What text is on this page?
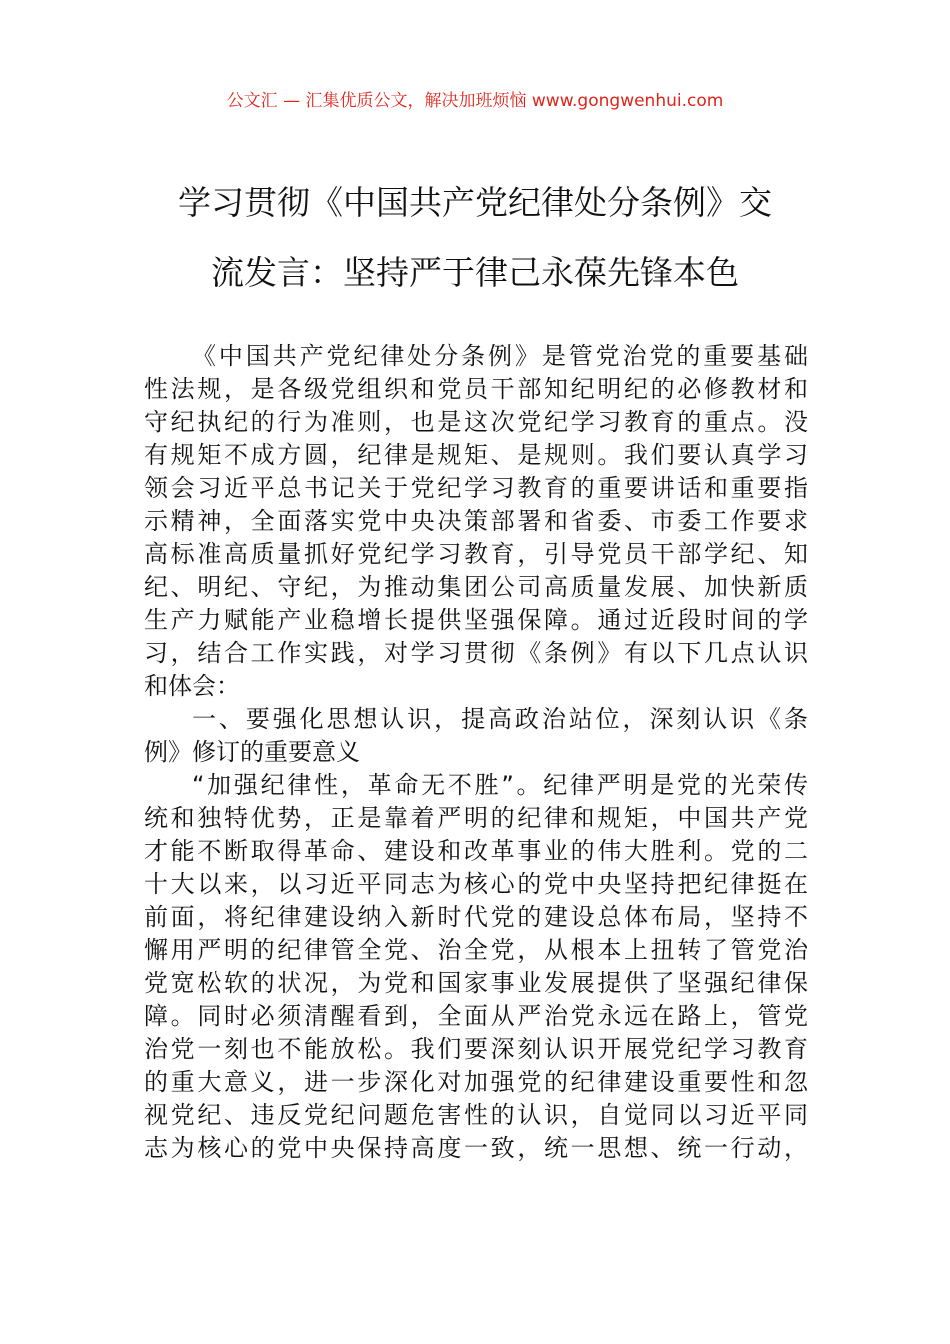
公文汇 — 汇集优质公文，解决加班烦恼 www.gongwenhui.com
学习贯彻《中国共产党纪律处分条例》交
流发言：坚持严于律己永葆先锋本色
《中国共产党纪律处分条例》是管党治党的重要基础
性法规，是各级党组织和党员干部知纪明纪的必修教材和
守纪执纪的行为准则，也是这次党纪学习教育的重点。没
有规矩不成方圆，纪律是规矩、是规则。我们要认真学习
领会习近平总书记关于党纪学习教育的重要讲话和重要指
示精神，全面落实党中央决策部署和省委、市委工作要求
高标准高质量抓好党纪学习教育，引导党员干部学纪、知
纪、明纪、守纪，为推动集团公司高质量发展、加快新质
生产力赋能产业稳增长提供坚强保障。通过近段时间的学
习，结合工作实践，对学习贯彻《条例》有以下几点认识
和体会：
一、要强化思想认识，提高政治站位，深刻认识《条
例》修订的重要意义
“加强纪律性，革命无不胜”。纪律严明是党的光荣传
统和独特优势，正是靠着严明的纪律和规矩，中国共产党
才能不断取得革命、建设和改革事业的伟大胜利。党的二
十大以来，以习近平同志为核心的党中央坚持把纪律挺在
前面，将纪律建设纳入新时代党的建设总体布局，坚持不
懈用严明的纪律管全党、治全党，从根本上扭转了管党治
党宽松软的状况，为党和国家事业发展提供了坚强纪律保
障。同时必须清醒看到，全面从严治党永远在路上，管党
治党一刻也不能放松。我们要深刻认识开展党纪学习教育
的重大意义，进一步深化对加强党的纪律建设重要性和忽
视党纪、违反党纪问题危害性的认识，自觉同以习近平同
志为核心的党中央保持高度一致，统一思想、统一行动，
